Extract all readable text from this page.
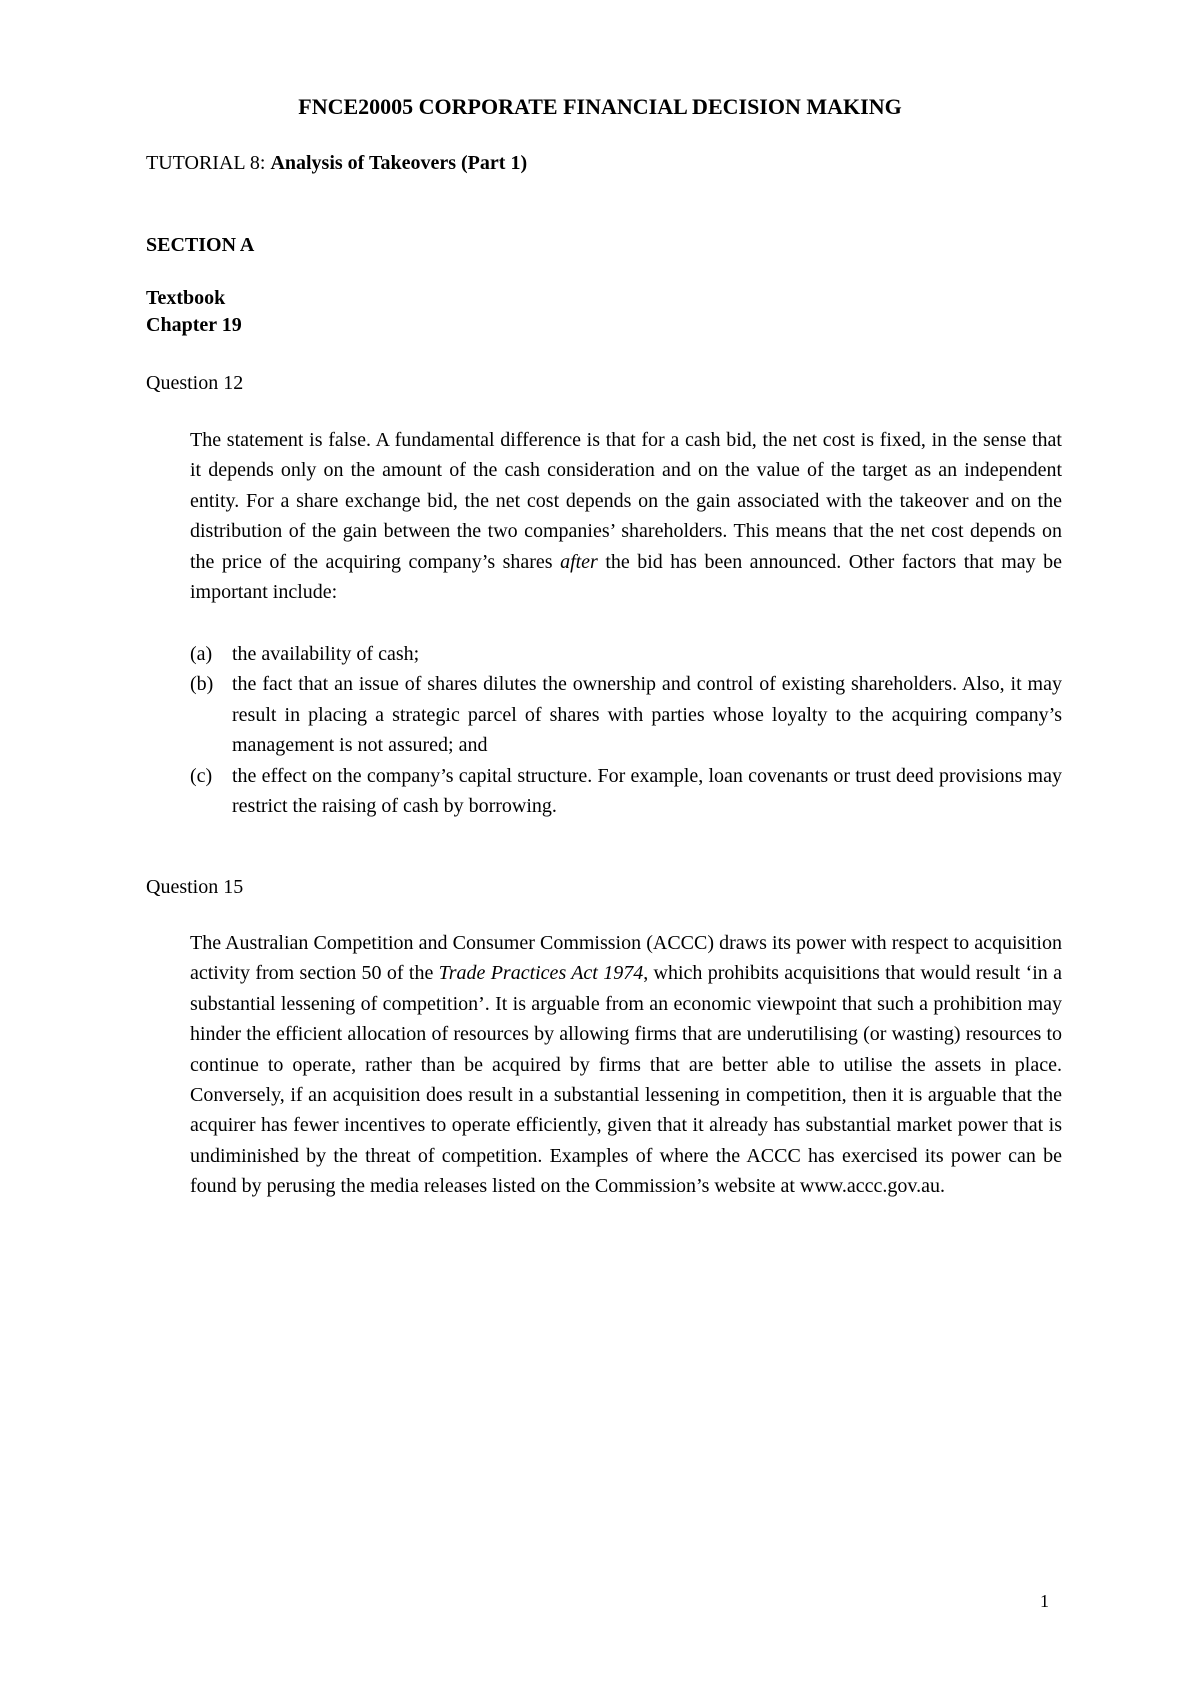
FNCE20005 CORPORATE FINANCIAL DECISION MAKING

TUTORIAL 8: Analysis of Takeovers (Part 1)

SECTION A

Textbook

Chapter 19

Question 12

The statement is false. A fundamental difference is that for a cash bid, the net cost is fixed, in the sense that it depends only on the amount of the cash consideration and on the value of the target as an independent entity. For a share exchange bid, the net cost depends on the gain associated with the takeover and on the distribution of the gain between the two companies’ shareholders. This means that the net cost depends on the price of the acquiring company’s shares after the bid has been announced. Other factors that may be important include:

(a) the availability of cash;
(b) the fact that an issue of shares dilutes the ownership and control of existing shareholders. Also, it may result in placing a strategic parcel of shares with parties whose loyalty to the acquiring company’s management is not assured; and
(c) the effect on the company’s capital structure. For example, loan covenants or trust deed provisions may restrict the raising of cash by borrowing.

Question 15

The Australian Competition and Consumer Commission (ACCC) draws its power with respect to acquisition activity from section 50 of the Trade Practices Act 1974, which prohibits acquisitions that would result ‘in a substantial lessening of competition’. It is arguable from an economic viewpoint that such a prohibition may hinder the efficient allocation of resources by allowing firms that are underutilising (or wasting) resources to continue to operate, rather than be acquired by firms that are better able to utilise the assets in place. Conversely, if an acquisition does result in a substantial lessening in competition, then it is arguable that the acquirer has fewer incentives to operate efficiently, given that it already has substantial market power that is undiminished by the threat of competition. Examples of where the ACCC has exercised its power can be found by perusing the media releases listed on the Commission’s website at www.accc.gov.au.

1
